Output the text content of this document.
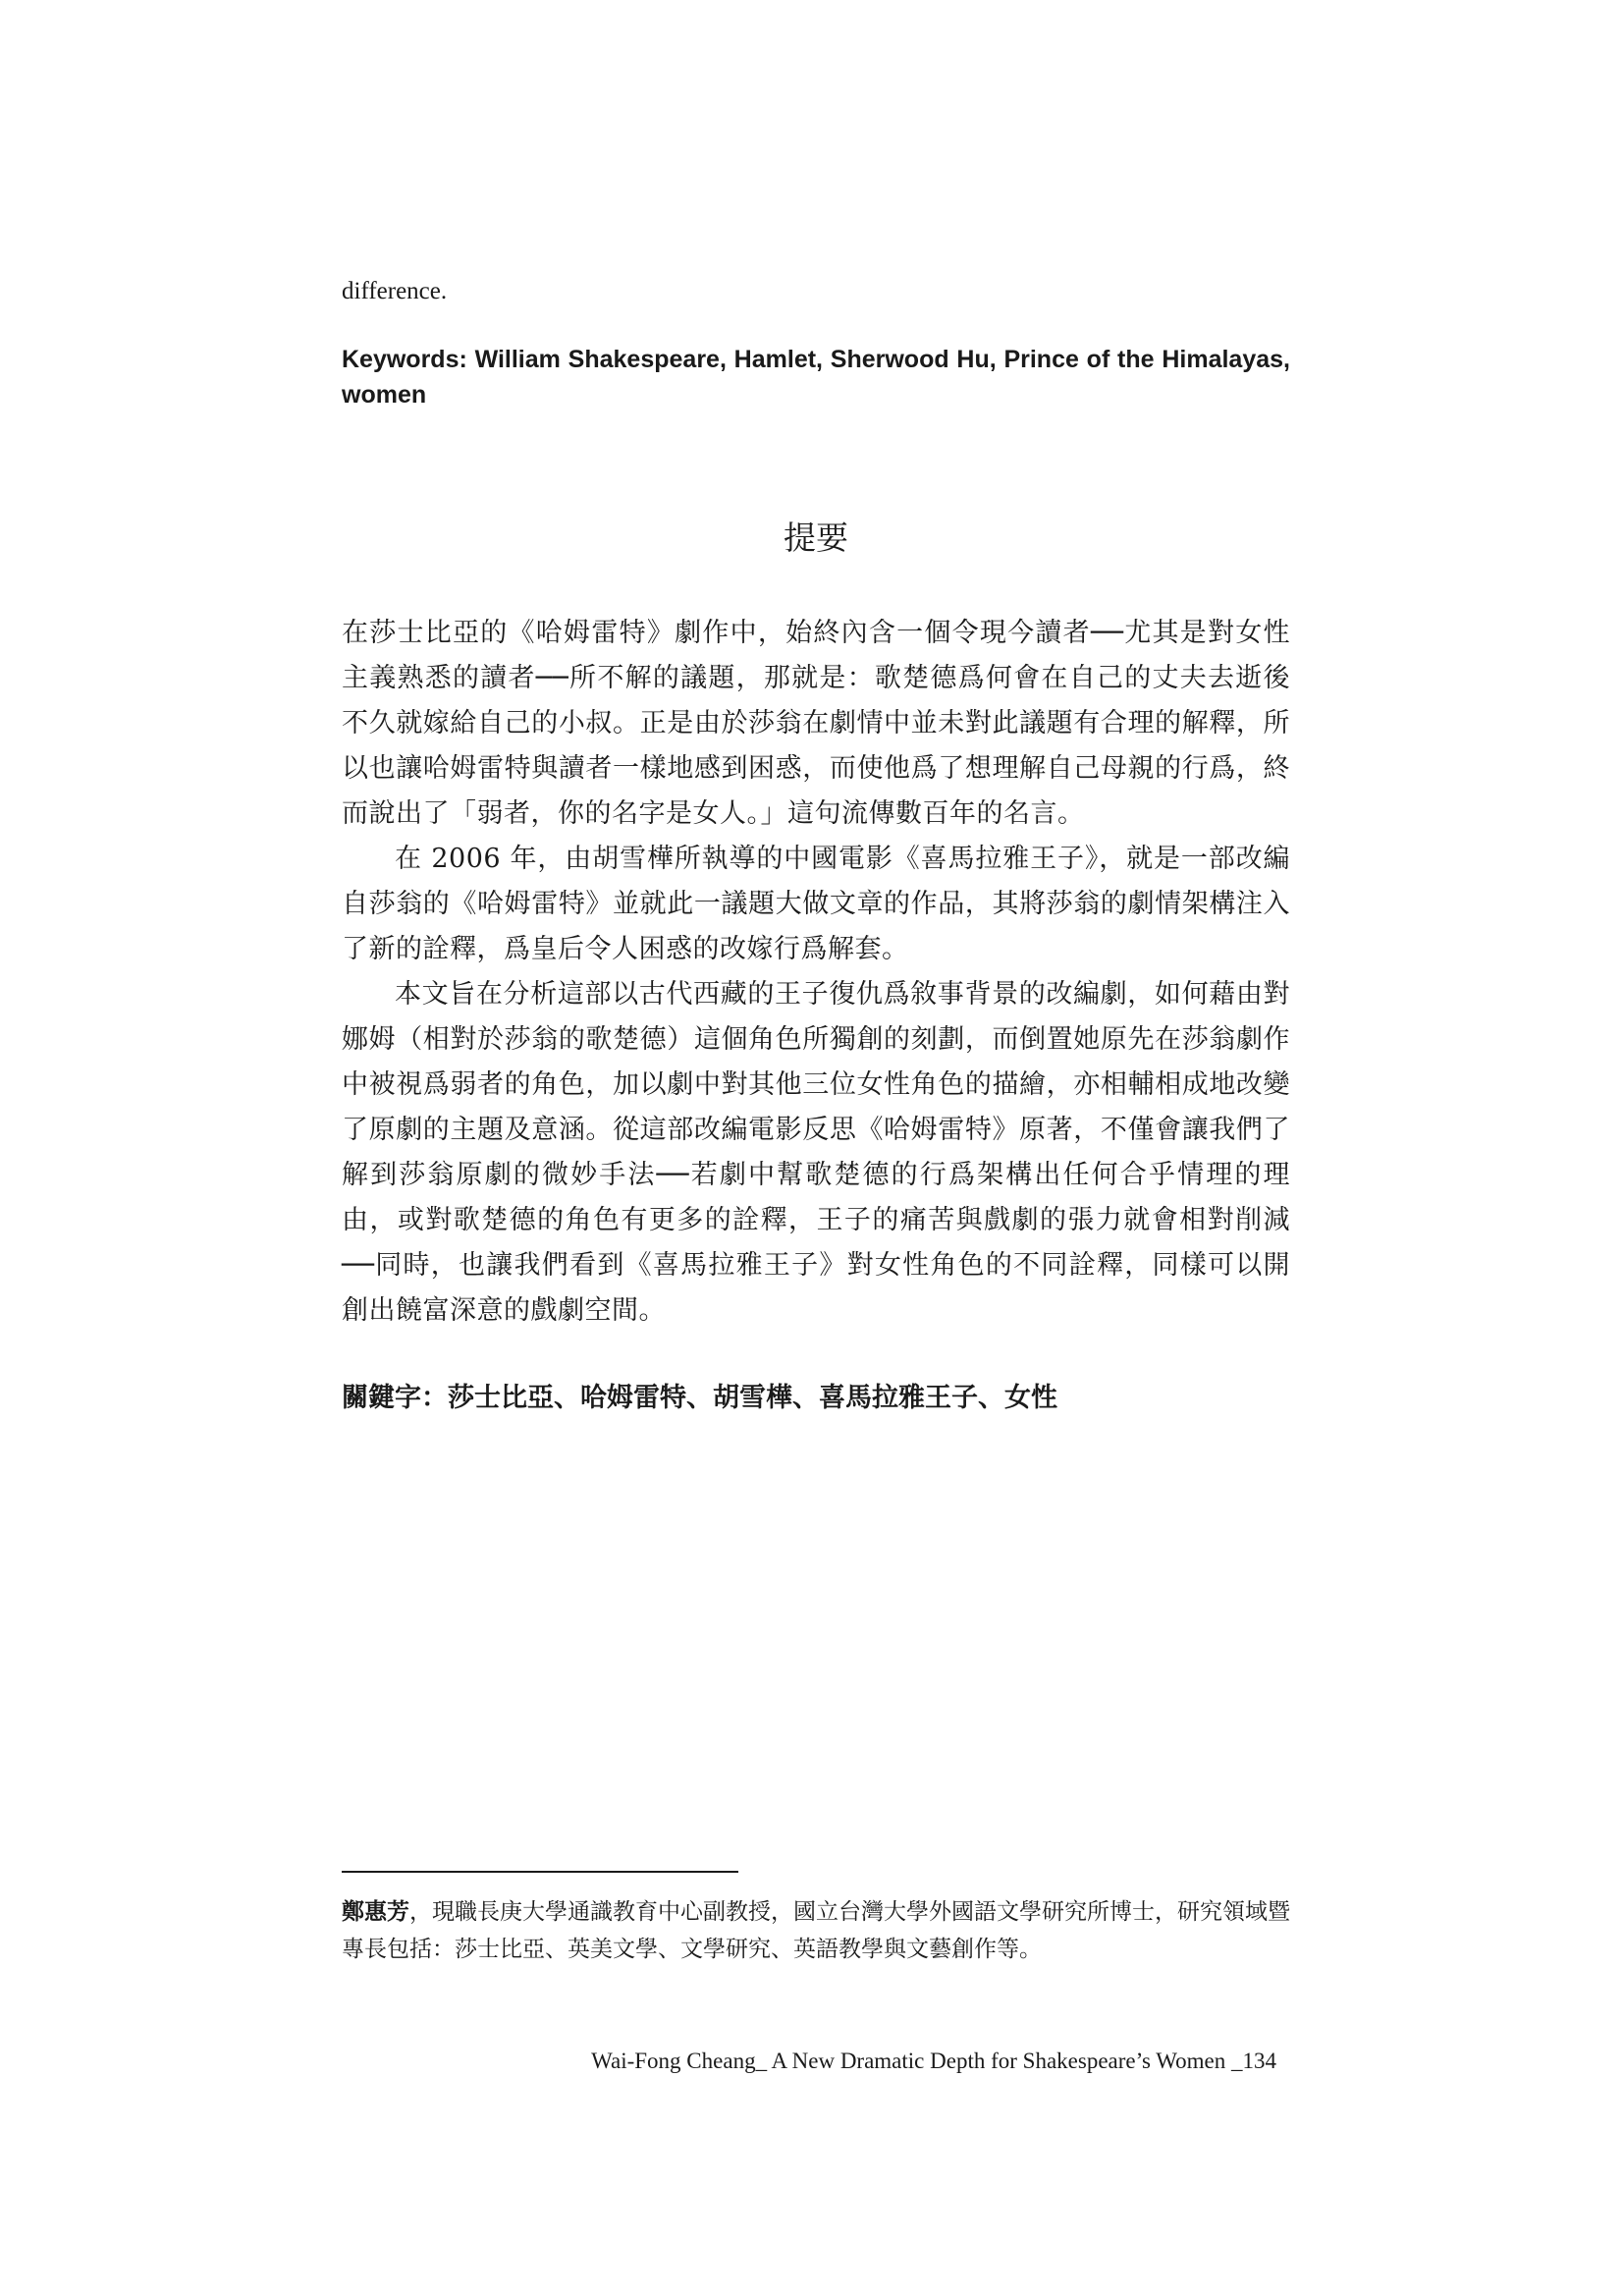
difference.
Keywords: William Shakespeare, Hamlet, Sherwood Hu, Prince of the Himalayas, women
提要

在莎士比亞的《哈姆雷特》劇作中，始終內含一個令現今讀者──尤其是對女性主義熟悉的讀者──所不解的議題，那就是：歌楚德爲何會在自己的丈夫去逝後不久就嫁給自己的小叔。正是由於莎翁在劇情中並未對此議題有合理的解釋，所以也讓哈姆雷特與讀者一樣地感到困惑，而使他爲了想理解自己母親的行爲，終而說出了「弱者，你的名字是女人。」這句流傳數百年的名言。

在 2006 年，由胡雪樺所執導的中國電影《喜馬拉雅王子》，就是一部改編自莎翁的《哈姆雷特》並就此一議題大做文章的作品，其將莎翁的劇情架構注入了新的詮釋，爲皇后令人困惑的改嫁行爲解套。

本文旨在分析這部以古代西藏的王子復仇爲敘事背景的改編劇，如何藉由對娜姆（相對於莎翁的歌楚德）這個角色所獨創的刻劃，而倒置她原先在莎翁劇作中被視爲弱者的角色，加以劇中對其他三位女性角色的描繪，亦相輔相成地改變了原劇的主題及意涵。從這部改編電影反思《哈姆雷特》原著，不僅會讓我們了解到莎翁原劇的微妙手法──若劇中幫歌楚德的行爲架構出任何合乎情理的理由，或對歌楚德的角色有更多的詮釋，王子的痛苦與戲劇的張力就會相對削減──同時，也讓我們看到《喜馬拉雅王子》對女性角色的不同詮釋，同樣可以開創出饒富深意的戲劇空間。

關鍵字：莎士比亞、哈姆雷特、胡雪樺、喜馬拉雅王子、女性
鄭惠芳，現職長庚大學通識教育中心副教授，國立台灣大學外國語文學研究所博士，研究領域暨專長包括：莎士比亞、英美文學、文學研究、英語教學與文藝創作等。
Wai-Fong Cheang_ A New Dramatic Depth for Shakespeare’s Women _134
